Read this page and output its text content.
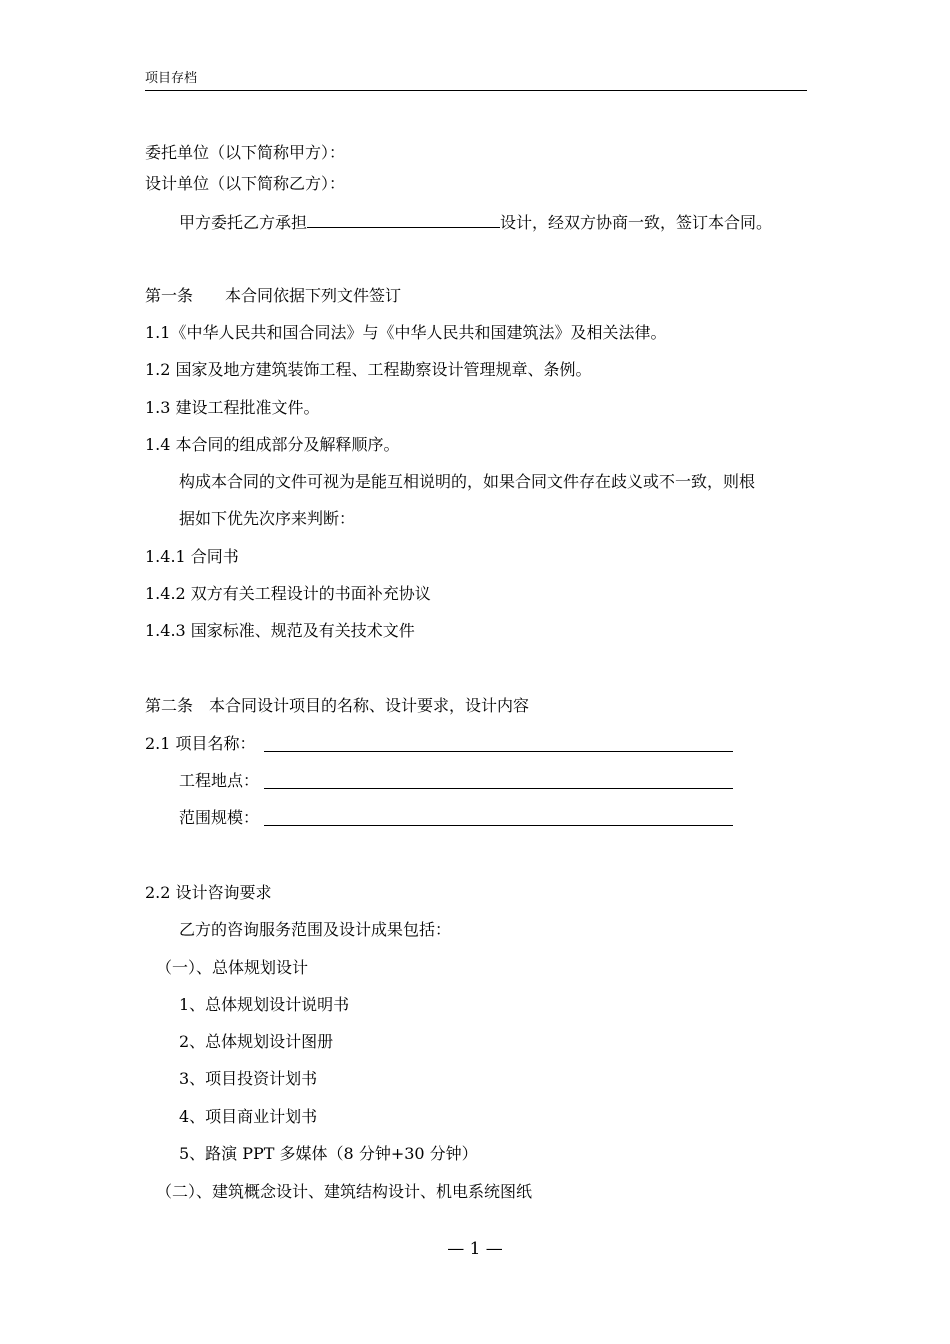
项目存档
委托单位（以下简称甲方）：
设计单位（以下简称乙方）：
甲方委托乙方承担	设计，经双方协商一致，签订本合同。
第一条　　本合同依据下列文件签订
1.1《中华人民共和国合同法》与《中华人民共和国建筑法》及相关法律。
1.2 国家及地方建筑装饰工程、工程勘察设计管理规章、条例。
1.3 建设工程批准文件。
1.4 本合同的组成部分及解释顺序。
构成本合同的文件可视为是能互相说明的，如果合同文件存在歧义或不一致，则根
据如下优先次序来判断：
1.4.1 合同书
1.4.2 双方有关工程设计的书面补充协议
1.4.3 国家标准、规范及有关技术文件
第二条　本合同设计项目的名称、设计要求，设计内容
2.1 项目名称：
工程地点：
范围规模：
2.2 设计咨询要求
乙方的咨询服务范围及设计成果包括：
（一）、总体规划设计
1、总体规划设计说明书
2、总体规划设计图册
3、项目投资计划书
4、项目商业计划书
5、路演 PPT 多媒体（8 分钟+30 分钟）
（二）、建筑概念设计、建筑结构设计、机电系统图纸
— 1 —
